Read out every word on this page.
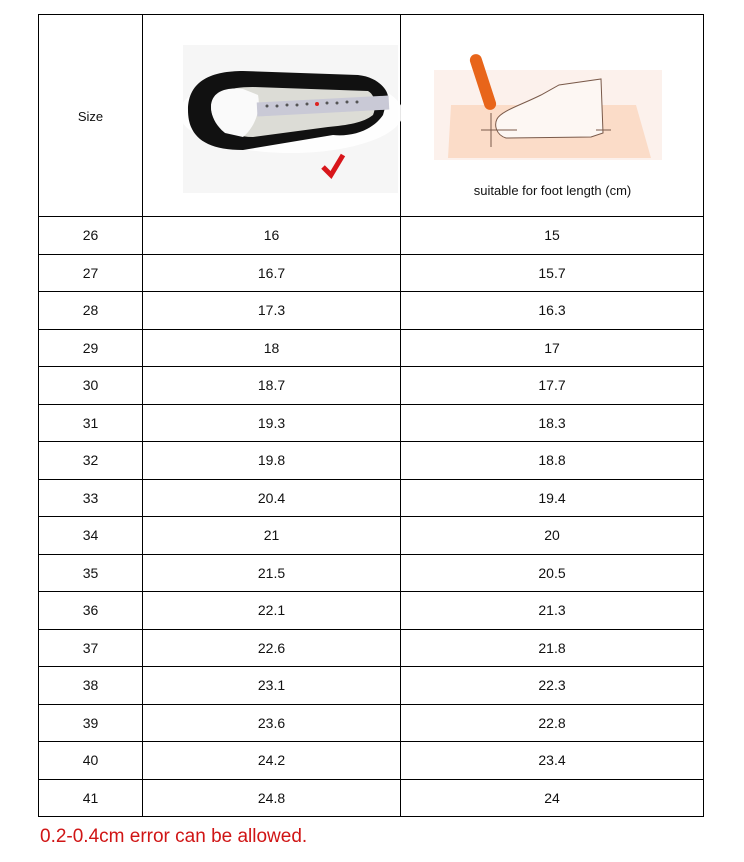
Size		suitable for foot length (cm)

26	16	15
27	16.7	15.7
28	17.3	16.3
29	18	17
30	18.7	17.7
31	19.3	18.3
32	19.8	18.8
33	20.4	19.4
34	21	20
35	21.5	20.5
36	22.1	21.3
37	22.6	21.8
38	23.1	22.3
39	23.6	22.8
40	24.2	23.4
41	24.8	24
0.2-0.4cm error can be allowed.
